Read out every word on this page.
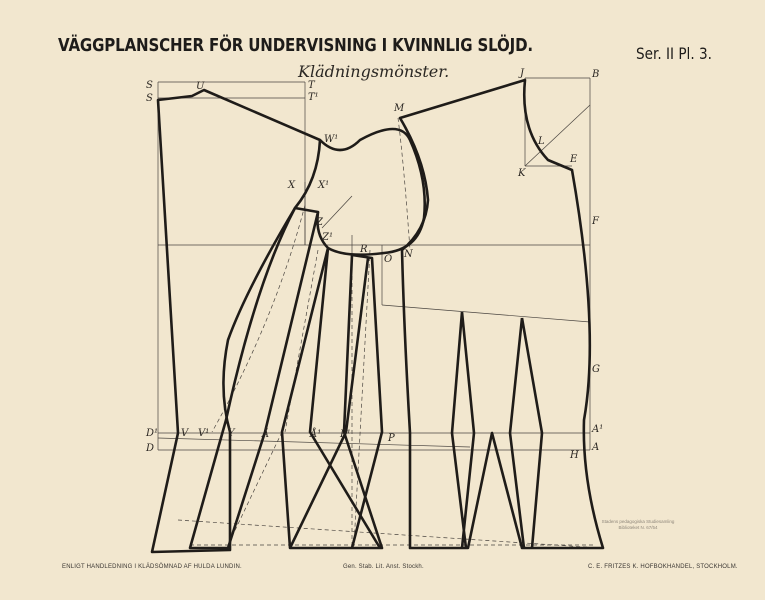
VÄGGPLANSCHER FÖR UNDERVISNING I KVINNLIG SLÖJD.	Ser. II Pl. 3.
Klädningsmönster.
S
S
U	T
T¹
W¹
X X¹
Z¹
Z
R	N
O
M
J	B
L
K
E
F
G
D¹ V V¹ Y	Å	Å¹ P¹	P
A¹
D
H
A
Stadens pedagogiska Studiesamling Biblioteket N. 67/54
ENLIGT HANDLEDNING I KLÄDSÖMNAD AF HULDA LUNDIN.	Gen. Stab. Lit. Anst. Stockh.	C. E. FRITZES K. HOFBOKHANDEL, STOCKHOLM.
